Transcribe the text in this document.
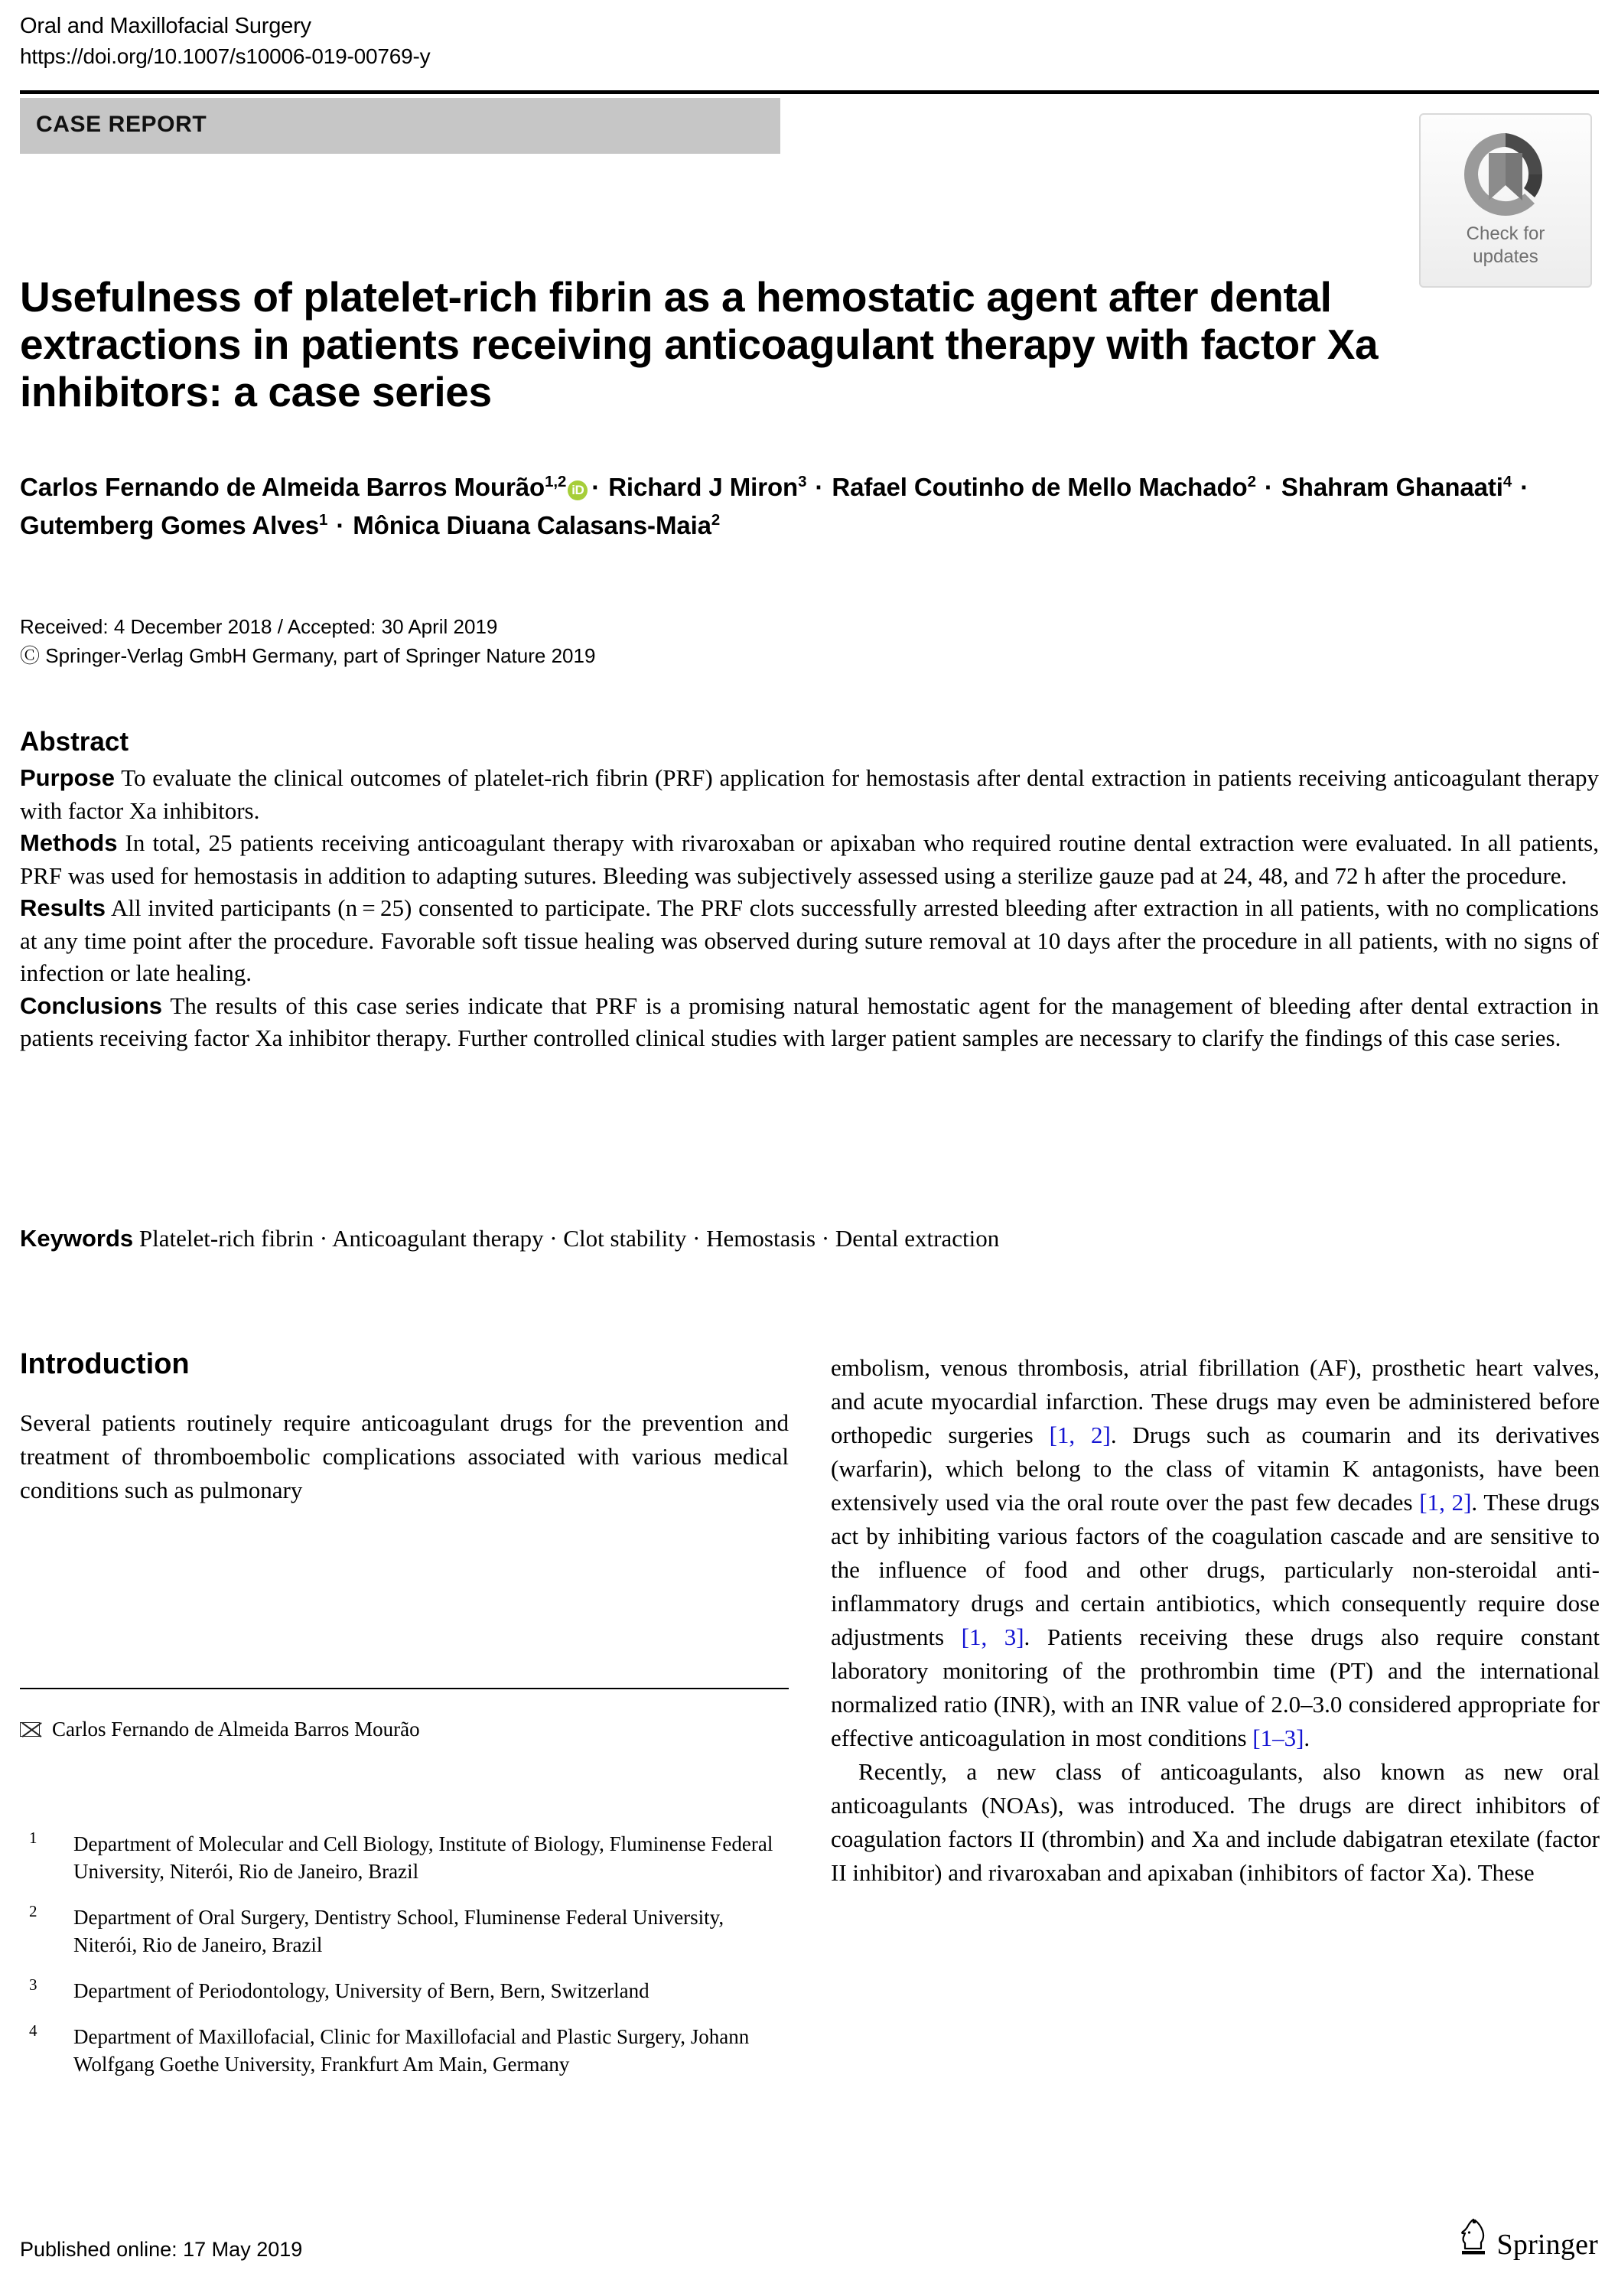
Oral and Maxillofacial Surgery
https://doi.org/10.1007/s10006-019-00769-y
CASE REPORT
Check for
updates
Usefulness of platelet-rich fibrin as a hemostatic agent after dental extractions in patients receiving anticoagulant therapy with factor Xa inhibitors: a case series
Carlos Fernando de Almeida Barros Mourão$^{1,2}$ iD · Richard J Miron$^3$ · Rafael Coutinho de Mello Machado$^2$ · Shahram Ghanaati$^4$ · Gutemberg Gomes Alves$^1$ · Mônica Diuana Calasans-Maia$^2$
Received: 4 December 2018 / Accepted: 30 April 2019
Ⓒ Springer-Verlag GmbH Germany, part of Springer Nature 2019
Abstract

Purpose To evaluate the clinical outcomes of platelet-rich fibrin (PRF) application for hemostasis after dental extraction in patients receiving anticoagulant therapy with factor Xa inhibitors.

Methods In total, 25 patients receiving anticoagulant therapy with rivaroxaban or apixaban who required routine dental extraction were evaluated. In all patients, PRF was used for hemostasis in addition to adapting sutures. Bleeding was subjectively assessed using a sterilize gauze pad at 24, 48, and 72 h after the procedure.

Results All invited participants (n = 25) consented to participate. The PRF clots successfully arrested bleeding after extraction in all patients, with no complications at any time point after the procedure. Favorable soft tissue healing was observed during suture removal at 10 days after the procedure in all patients, with no signs of infection or late healing.

Conclusions The results of this case series indicate that PRF is a promising natural hemostatic agent for the management of bleeding after dental extraction in patients receiving factor Xa inhibitor therapy. Further controlled clinical studies with larger patient samples are necessary to clarify the findings of this case series.

Keywords Platelet-rich fibrin · Anticoagulant therapy · Clot stability · Hemostasis · Dental extraction
Introduction

Several patients routinely require anticoagulant drugs for the prevention and treatment of thromboembolic complications associated with various medical conditions such as pulmonary

embolism, venous thrombosis, atrial fibrillation (AF), prosthetic heart valves, and acute myocardial infarction. These drugs may even be administered before orthopedic surgeries [1, 2]. Drugs such as coumarin and its derivatives (warfarin), which belong to the class of vitamin K antagonists, have been extensively used via the oral route over the past few decades [1, 2]. These drugs act by inhibiting various factors of the coagulation cascade and are sensitive to the influence of food and other drugs, particularly non-steroidal anti-inflammatory drugs and certain antibiotics, which consequently require dose adjustments [1, 3]. Patients receiving these drugs also require constant laboratory monitoring of the prothrombin time (PT) and the international normalized ratio (INR), with an INR value of 2.0–3.0 considered appropriate for effective anticoagulation in most conditions [1–3].

Recently, a new class of anticoagulants, also known as new oral anticoagulants (NOAs), was introduced. The drugs are direct inhibitors of coagulation factors II (thrombin) and Xa and include dabigatran etexilate (factor II inhibitor) and rivaroxaban and apixaban (inhibitors of factor Xa). These

Carlos Fernando de Almeida Barros Mourão
1 Department of Molecular and Cell Biology, Institute of Biology, Fluminense Federal University, Niterói, Rio de Janeiro, Brazil
2 Department of Oral Surgery, Dentistry School, Fluminense Federal University, Niterói, Rio de Janeiro, Brazil
3 Department of Periodontology, University of Bern, Bern, Switzerland
4 Department of Maxillofacial, Clinic for Maxillofacial and Plastic Surgery, Johann Wolfgang Goethe University, Frankfurt Am Main, Germany
Published online: 17 May 2019	Springer
